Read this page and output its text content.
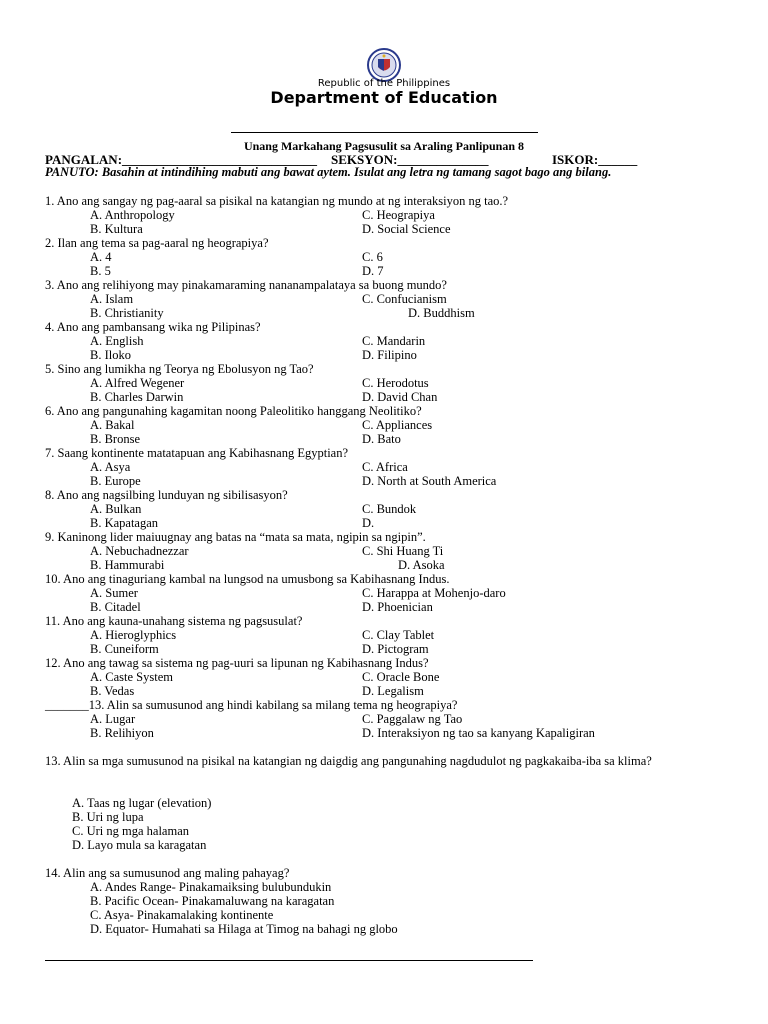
Republic of the Philippines
Department of Education
Unang Markahang Pagsusulit sa Araling Panlipunan 8
PANGALAN:______________________________ SEKSYON:______________	ISKOR:______
PANUTO: Basahin at intindihing mabuti ang bawat aytem. Isulat ang letra ng tamang sagot bago ang bilang.
1. Ano ang sangay ng pag-aaral sa pisikal na katangian ng mundo at ng interaksiyon ng tao.?
A. Anthropology	C. Heograpiya
B. Kultura	D. Social Science
2. Ilan ang tema sa pag-aaral ng heograpiya?
A. 4	C. 6
B. 5	D. 7
3. Ano ang relihiyong may pinakamaraming nananampalataya sa buong mundo?
A. Islam	C. Confucianism
B. Christianity	D. Buddhism
4. Ano ang pambansang wika ng Pilipinas?
A. English	C. Mandarin
B. Iloko	D. Filipino
5. Sino ang lumikha ng Teorya ng Ebolusyon ng Tao?
A. Alfred Wegener	C. Herodotus
B. Charles Darwin	D. David Chan
6. Ano ang pangunahing kagamitan noong Paleolitiko hanggang Neolitiko?
A. Bakal	C. Appliances
B. Bronse	D. Bato
7. Saang kontinente matatapuan ang Kabihasnang Egyptian?
A. Asya	C. Africa
B. Europe	D. North at South America
8. Ano ang nagsilbing lunduyan ng sibilisasyon?
A. Bulkan	C. Bundok
B. Kapatagan	D.
9. Kaninong lider maiuugnay ang batas na “mata sa mata, ngipin sa ngipin”.
A. Nebuchadnezzar	C. Shi Huang Ti
B. Hammurabi	D. Asoka
10. Ano ang tinaguriang kambal na lungsod na umusbong sa Kabihasnang Indus.
A. Sumer	C. Harappa at Mohenjo-daro
B. Citadel	D. Phoenician
11. Ano ang kauna-unahang sistema ng pagsusulat?
A. Hieroglyphics	C. Clay Tablet
B. Cuneiform	D. Pictogram
12. Ano ang tawag sa sistema ng pag-uuri sa lipunan ng Kabihasnang Indus?
A. Caste System	C. Oracle Bone
B. Vedas	D. Legalism
_______13. Alin sa sumusunod ang hindi kabilang sa milang tema ng heograpiya?
A. Lugar	C. Paggalaw ng Tao
B. Relihiyon	D. Interaksiyon ng tao sa kanyang Kapaligiran
13. Alin sa mga sumusunod na pisikal na katangian ng daigdig ang pangunahing nagdudulot ng pagkakaiba-iba sa klima?
A. Taas ng lugar (elevation)
B. Uri ng lupa
C. Uri ng mga halaman
D. Layo mula sa karagatan
14. Alin ang sa sumusunod ang maling pahayag?
A. Andes Range- Pinakamaiksing bulubundukin
B. Pacific Ocean- Pinakamaluwang na karagatan
C. Asya- Pinakamalaking kontinente
D. Equator- Humahati sa Hilaga at Timog na bahagi ng globo
